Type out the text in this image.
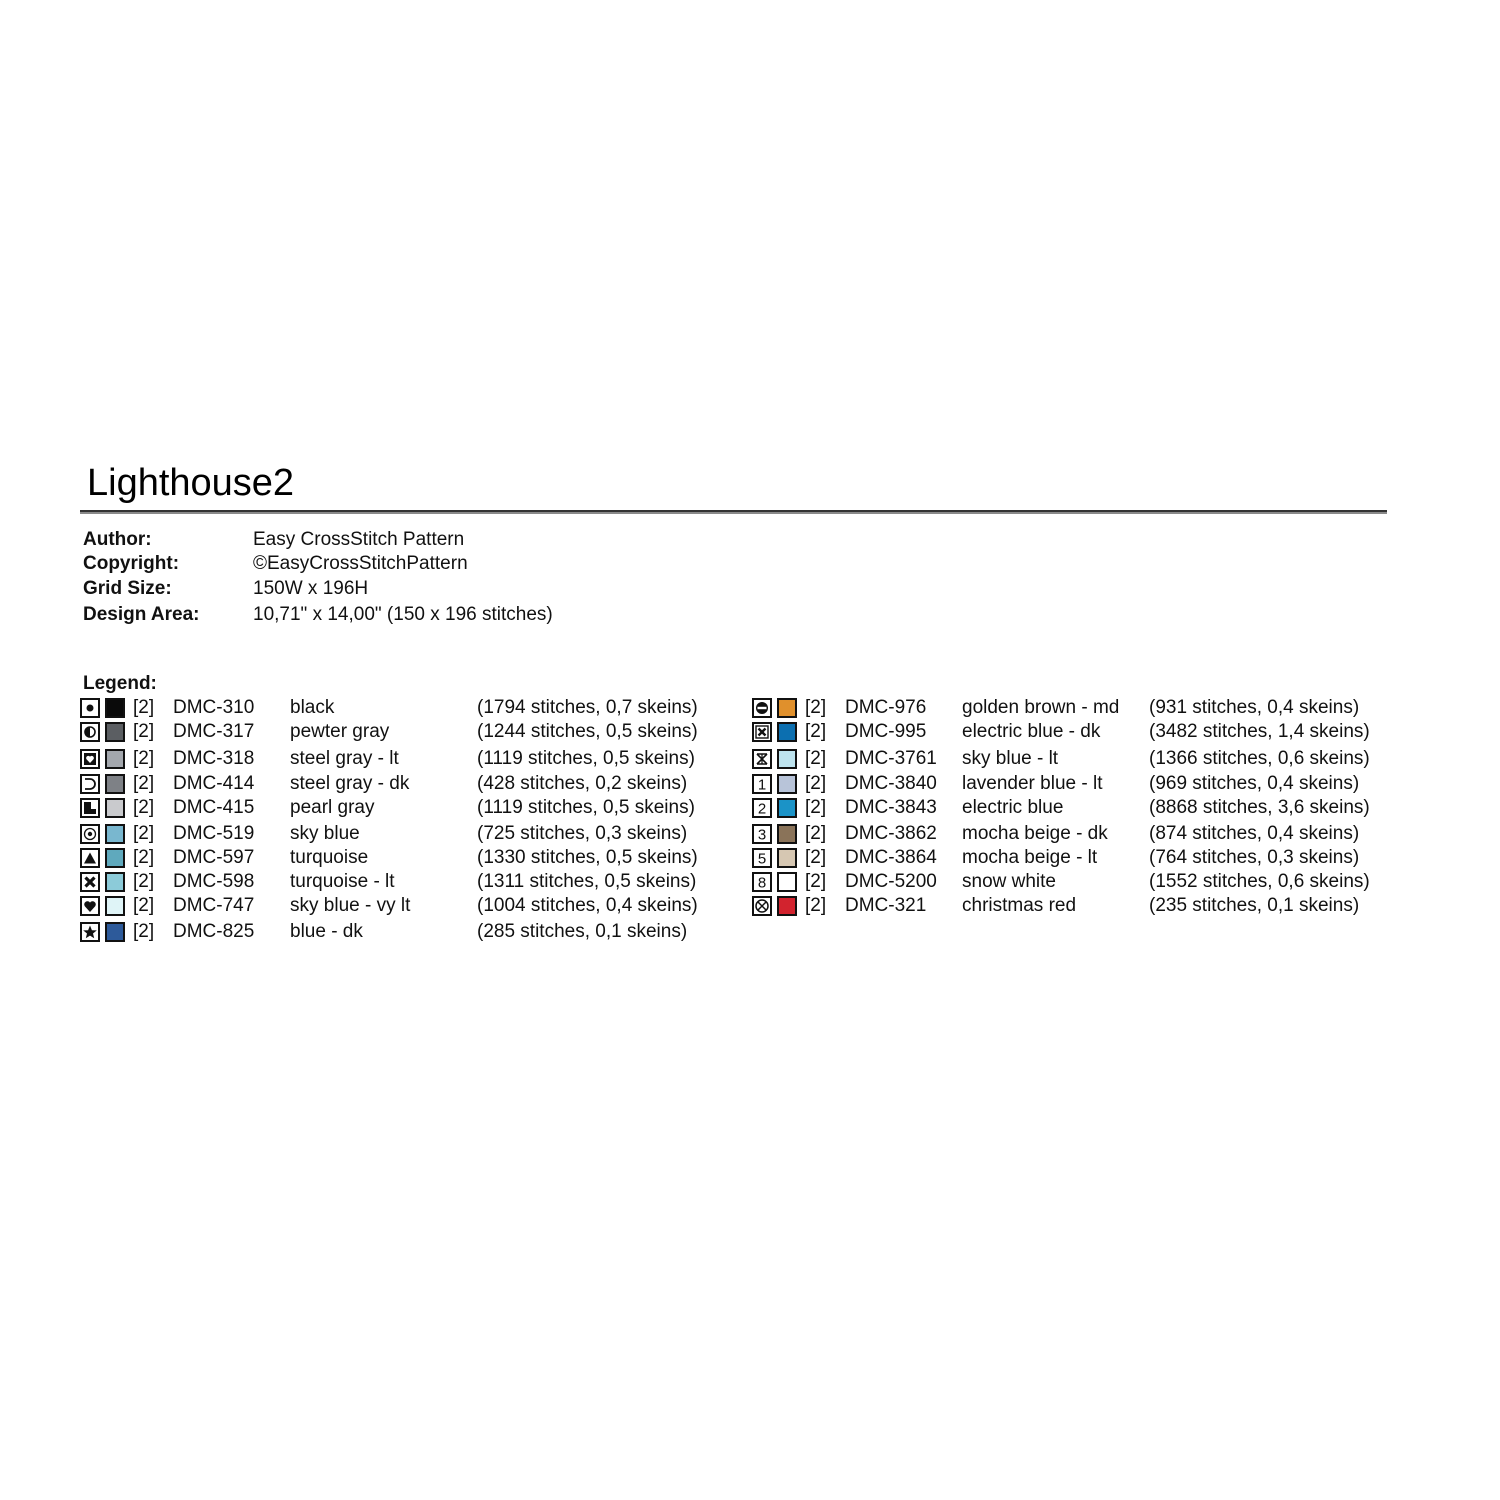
Lighthouse2
Author:	Easy CrossStitch Pattern
Copyright:	©EasyCrossStitchPattern
Grid Size:	150W x 196H
Design Area:	10,71" x 14,00" (150 x 196 stitches)
Legend:
[2] DMC-310 black	(1794 stitches, 0,7 skeins)
[2] DMC-317 pewter gray	(1244 stitches, 0,5 skeins)
[2] DMC-318 steel gray - lt	(1119 stitches, 0,5 skeins)
[2] DMC-414 steel gray - dk	(428 stitches, 0,2 skeins)
[2] DMC-415 pearl gray	(1119 stitches, 0,5 skeins)
[2] DMC-519 sky blue	(725 stitches, 0,3 skeins)
[2] DMC-597 turquoise	(1330 stitches, 0,5 skeins)
[2] DMC-598 turquoise - lt	(1311 stitches, 0,5 skeins)
[2] DMC-747 sky blue - vy lt	(1004 stitches, 0,4 skeins)
[2] DMC-825 blue - dk	(285 stitches, 0,1 skeins)
[2] DMC-976 golden brown - md (931 stitches, 0,4 skeins)
[2] DMC-995 electric blue - dk	(3482 stitches, 1,4 skeins)
[2] DMC-3761 sky blue - lt	(1366 stitches, 0,6 skeins)
1 [2] DMC-3840 lavender blue - lt (969 stitches, 0,4 skeins)
2 [2] DMC-3843 electric blue	(8868 stitches, 3,6 skeins)
3 [2] DMC-3862 mocha beige - dk (874 stitches, 0,4 skeins)
5 [2] DMC-3864 mocha beige - lt	(764 stitches, 0,3 skeins)
8 [2] DMC-5200 snow white	(1552 stitches, 0,6 skeins)
[2] DMC-321 christmas red	(235 stitches, 0,1 skeins)
